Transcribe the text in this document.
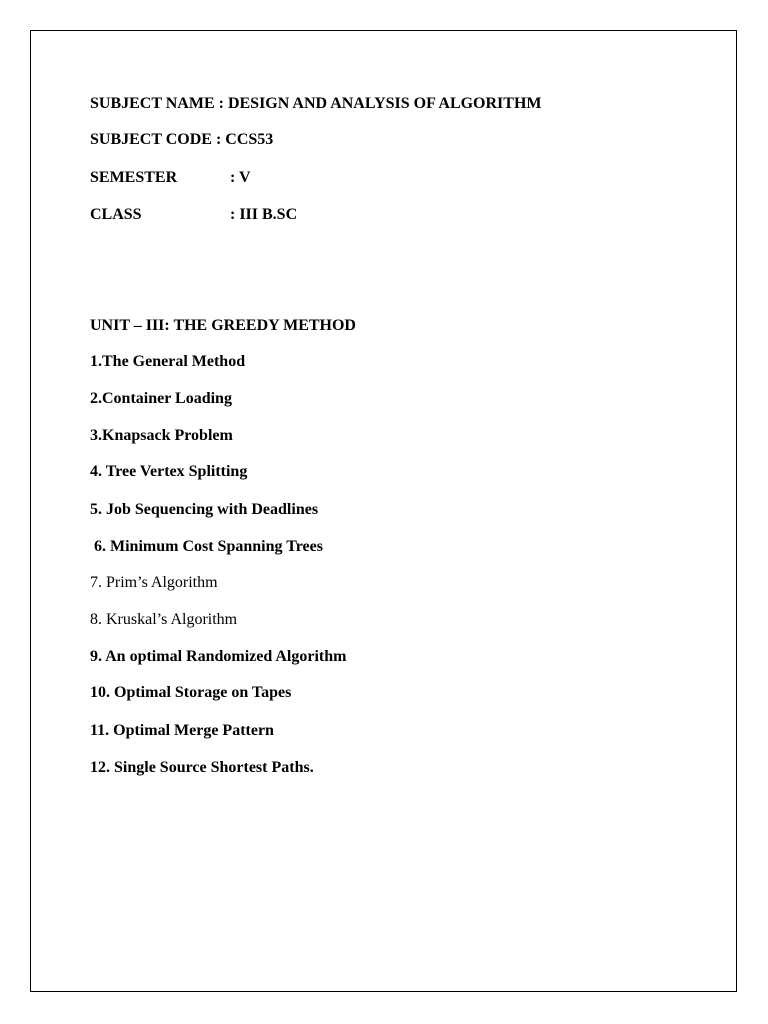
SUBJECT NAME : DESIGN AND ANALYSIS OF ALGORITHM
SUBJECT CODE : CCS53
SEMESTER	: V
CLASS	: III B.SC
UNIT – III: THE GREEDY METHOD
1.The General Method
2.Container Loading
3.Knapsack Problem
4. Tree Vertex Splitting
5. Job Sequencing with Deadlines
6. Minimum Cost Spanning Trees
7. Prim’s Algorithm
8. Kruskal’s Algorithm
9. An optimal Randomized Algorithm
10. Optimal Storage on Tapes
11. Optimal Merge Pattern
12. Single Source Shortest Paths.
